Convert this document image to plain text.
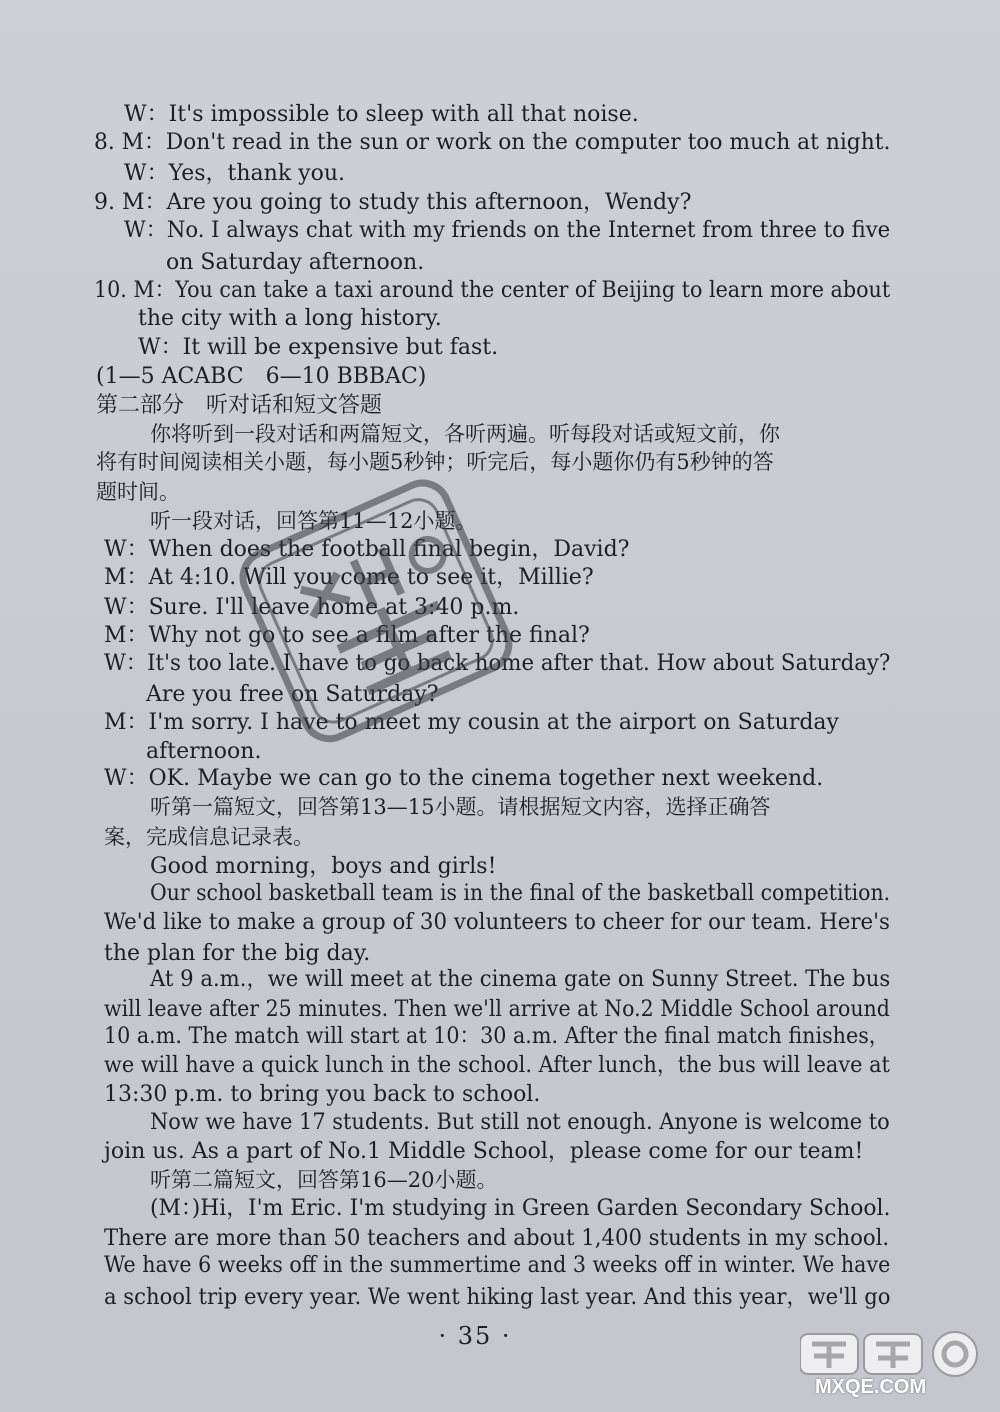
W：It's impossible to sleep with all that noise.
8. M：Don't read in the sun or work on the computer too much at night.
W：Yes，thank you.
9. M：Are you going to study this afternoon，Wendy?
W：No. I always chat with my friends on the Internet from three to five
on Saturday afternoon.
10. M：You can take a taxi around the center of Beijing to learn more about
the city with a long history.
W：It will be expensive but fast.
(1—5 ACABC　6—10 BBBAC)
第二部分　听对话和短文答题
你将听到一段对话和两篇短文，各听两遍。听每段对话或短文前，你
将有时间阅读相关小题，每小题5秒钟；听完后，每小题你仍有5秒钟的答
题时间。
听一段对话，回答第11—12小题。
W：When does the football final begin，David?
M：At 4:10. Will you come to see it，Millie?
W：Sure. I'll leave home at 3:40 p.m.
M：Why not go to see a film after the final?
W：It's too late. I have to go back home after that. How about Saturday?
Are you free on Saturday?
M：I'm sorry. I have to meet my cousin at the airport on Saturday
afternoon.
W：OK. Maybe we can go to the cinema together next weekend.
听第一篇短文，回答第13—15小题。请根据短文内容，选择正确答
案，完成信息记录表。
Good morning，boys and girls!
Our school basketball team is in the final of the basketball competition.
We'd like to make a group of 30 volunteers to cheer for our team. Here's
the plan for the big day.
At 9 a.m.，we will meet at the cinema gate on Sunny Street. The bus
will leave after 25 minutes. Then we'll arrive at No.2 Middle School around
10 a.m. The match will start at 10：30 a.m. After the final match finishes，
we will have a quick lunch in the school. After lunch，the bus will leave at
13:30 p.m. to bring you back to school.
Now we have 17 students. But still not enough. Anyone is welcome to
join us. As a part of No.1 Middle School，please come for our team!
听第二篇短文，回答第16—20小题。
(M：)Hi，I'm Eric. I'm studying in Green Garden Secondary School.
There are more than 50 teachers and about 1,400 students in my school.
We have 6 weeks off in the summertime and 3 weeks off in winter. We have
a school trip every year. We went hiking last year. And this year，we'll go
· 35 ·
MXQE.COM
